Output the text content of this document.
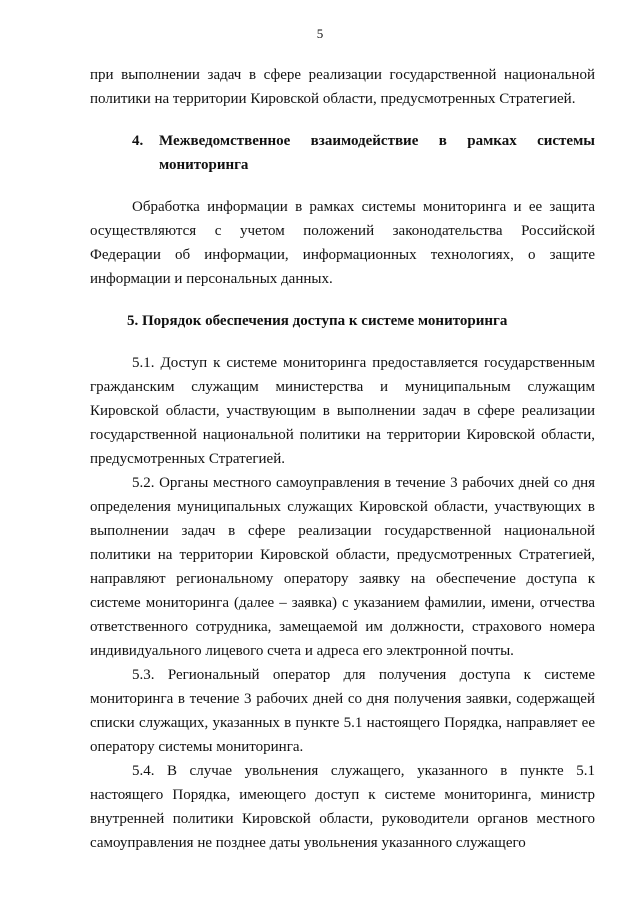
5

при выполнении задач в сфере реализации государственной национальной политики на территории Кировской области, предусмотренных Стратегией.

4.	Межведомственное взаимодействие в рамках системы мониторинга

Обработка информации в рамках системы мониторинга и ее защита осуществляются с учетом положений законодательства Российской Федерации об информации, информационных технологиях, о защите информации и персональных данных.

5. Порядок обеспечения доступа к системе мониторинга

5.1. Доступ к системе мониторинга предоставляется государственным гражданским служащим министерства и муниципальным служащим Кировской области, участвующим в выполнении задач в сфере реализации государственной национальной политики на территории Кировской области, предусмотренных Стратегией.

5.2. Органы местного самоуправления в течение 3 рабочих дней со дня определения муниципальных служащих Кировской области, участвующих в выполнении задач в сфере реализации государственной национальной политики на территории Кировской области, предусмотренных Стратегией, направляют региональному оператору заявку на обеспечение доступа к системе мониторинга (далее – заявка) с указанием фамилии, имени, отчества ответственного сотрудника, замещаемой им должности, страхового номера индивидуального лицевого счета и адреса его электронной почты.

5.3. Региональный оператор для получения доступа к системе мониторинга в течение 3 рабочих дней со дня получения заявки, содержащей списки служащих, указанных в пункте 5.1 настоящего Порядка, направляет ее оператору системы мониторинга.

5.4. В случае увольнения служащего, указанного в пункте 5.1 настоящего Порядка, имеющего доступ к системе мониторинга, министр внутренней политики Кировской области, руководители органов местного самоуправления не позднее даты увольнения указанного служащего
